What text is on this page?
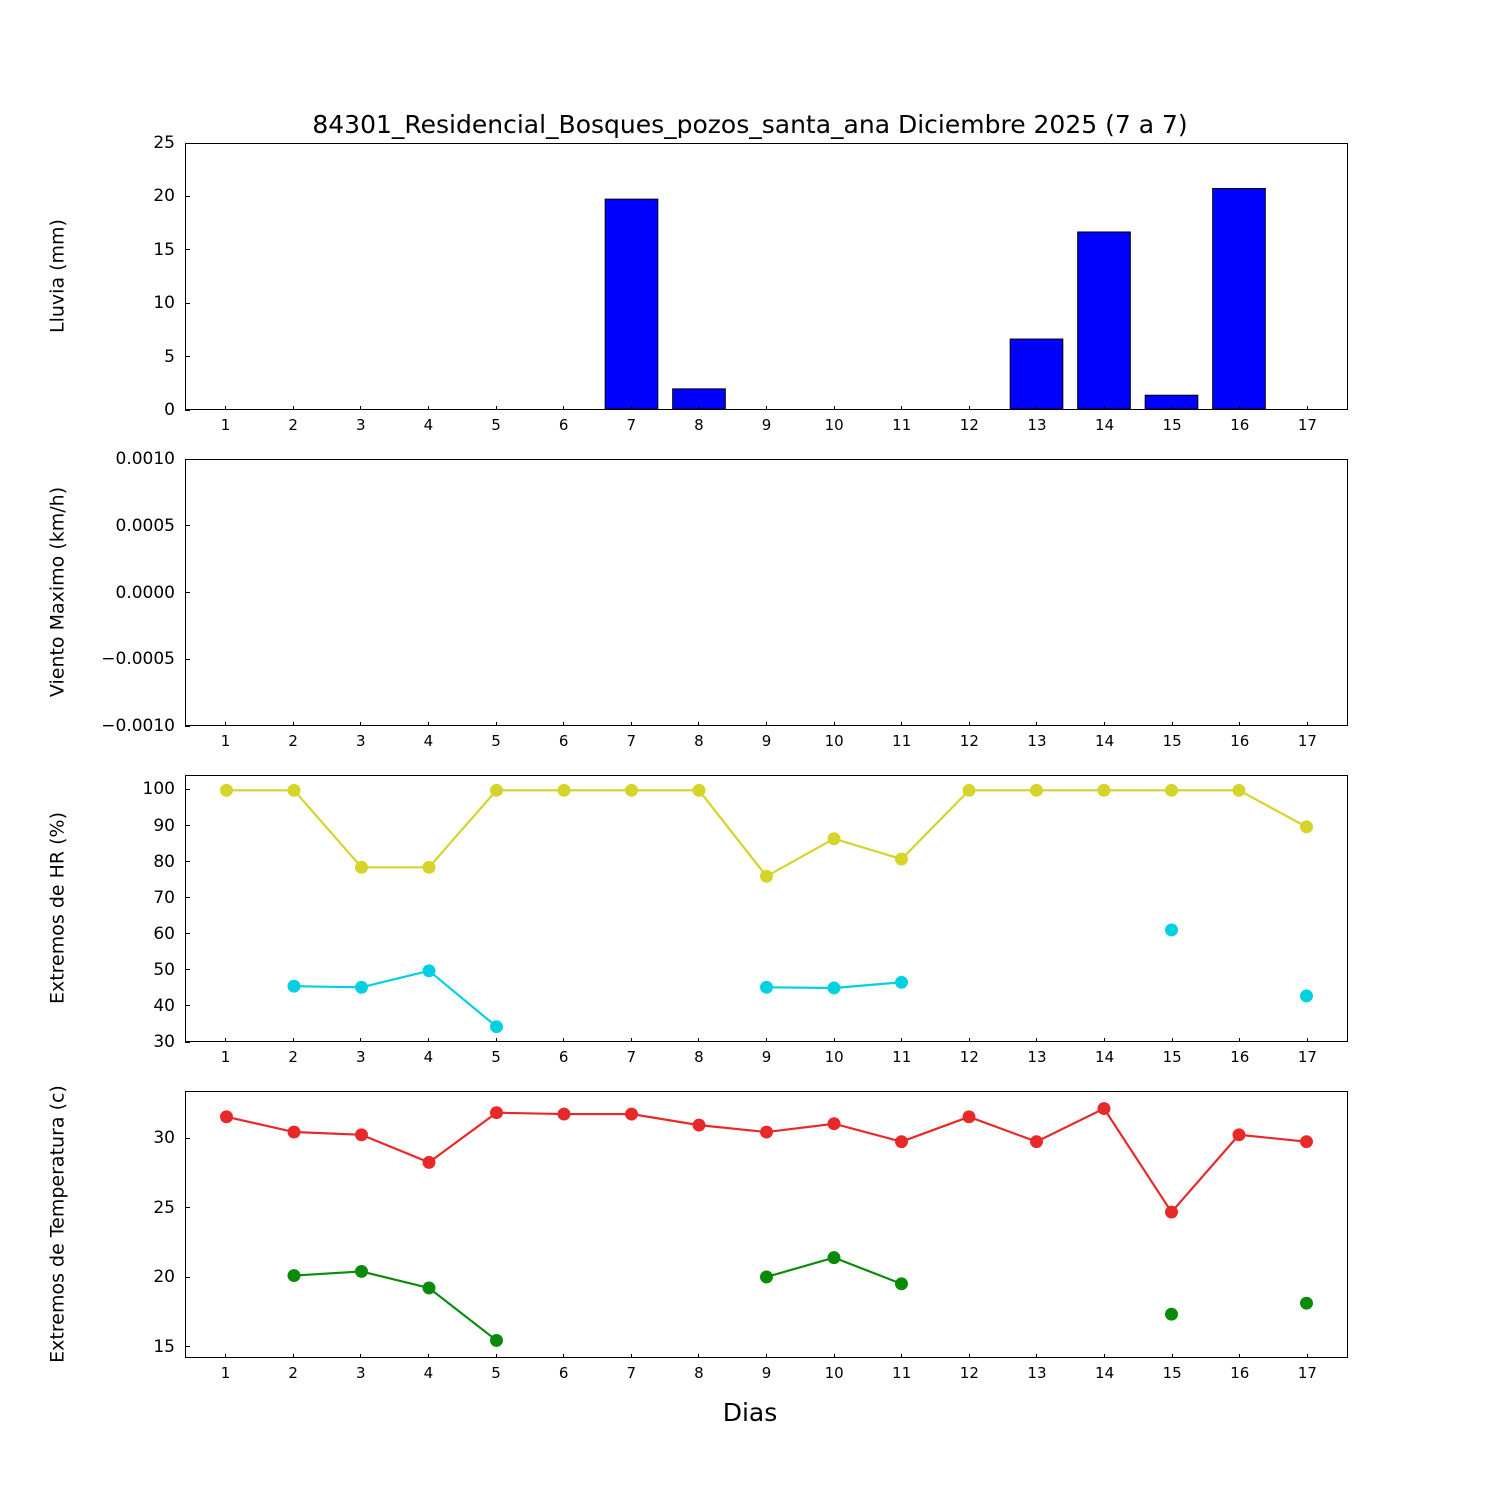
84301_Residencial_Bosques_pozos_santa_ana Diciembre 2025 (7 a 7)
Lluvia (mm)
Viento Maximo (km/h)
Extremos de HR (%)
Extremos de Temperatura (c)
Dias
1	2	3	4	5	6	7	8	9	10	11	12	13	14	15	16	17
0
5
10
15
20
25
1	2	3	4	5	6	7	8	9	10	11	12	13	14	15	16	17
−0.0010
−0.0005
0.0000
0.0005
0.0010
1	2	3	4	5	6	7	8	9	10	11	12	13	14	15	16	17
30
40
50
60
70
80
90
100
1	2	3	4	5	6	7	8	9	10	11	12	13	14	15	16	17
15
20
25
30
